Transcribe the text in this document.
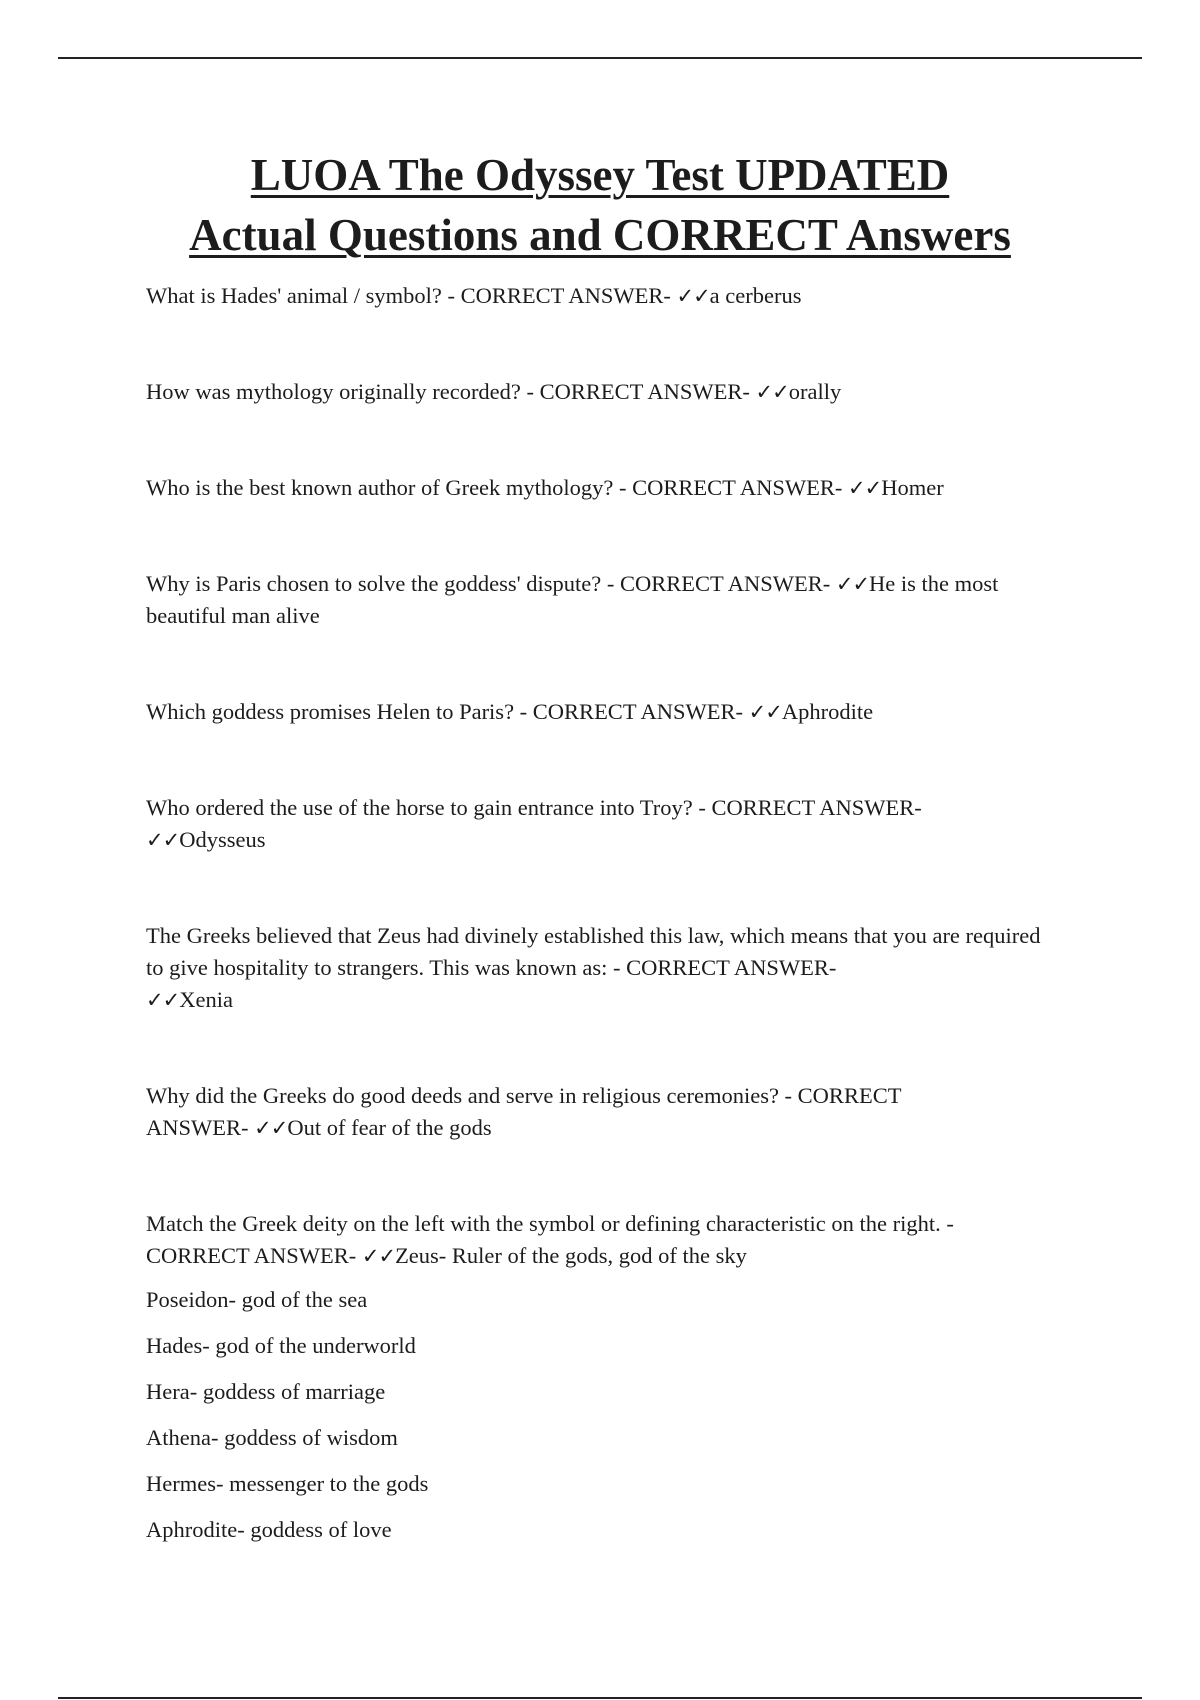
LUOA The Odyssey Test UPDATED
Actual Questions and CORRECT Answers

What is Hades' animal / symbol? - CORRECT ANSWER- ✓✓a cerberus

How was mythology originally recorded? - CORRECT ANSWER- ✓✓orally

Who is the best known author of Greek mythology? - CORRECT ANSWER- ✓✓Homer

Why is Paris chosen to solve the goddess' dispute? - CORRECT ANSWER- ✓✓He is the most beautiful man alive

Which goddess promises Helen to Paris? - CORRECT ANSWER- ✓✓Aphrodite

Who ordered the use of the horse to gain entrance into Troy? - CORRECT ANSWER-
✓✓Odysseus

The Greeks believed that Zeus had divinely established this law, which means that you are required to give hospitality to strangers. This was known as: - CORRECT ANSWER-
✓✓Xenia

Why did the Greeks do good deeds and serve in religious ceremonies? - CORRECT
ANSWER- ✓✓Out of fear of the gods

Match the Greek deity on the left with the symbol or defining characteristic on the right. -
CORRECT ANSWER- ✓✓Zeus- Ruler of the gods, god of the sky

Poseidon- god of the sea

Hades- god of the underworld

Hera- goddess of marriage

Athena- goddess of wisdom

Hermes- messenger to the gods

Aphrodite- goddess of love
